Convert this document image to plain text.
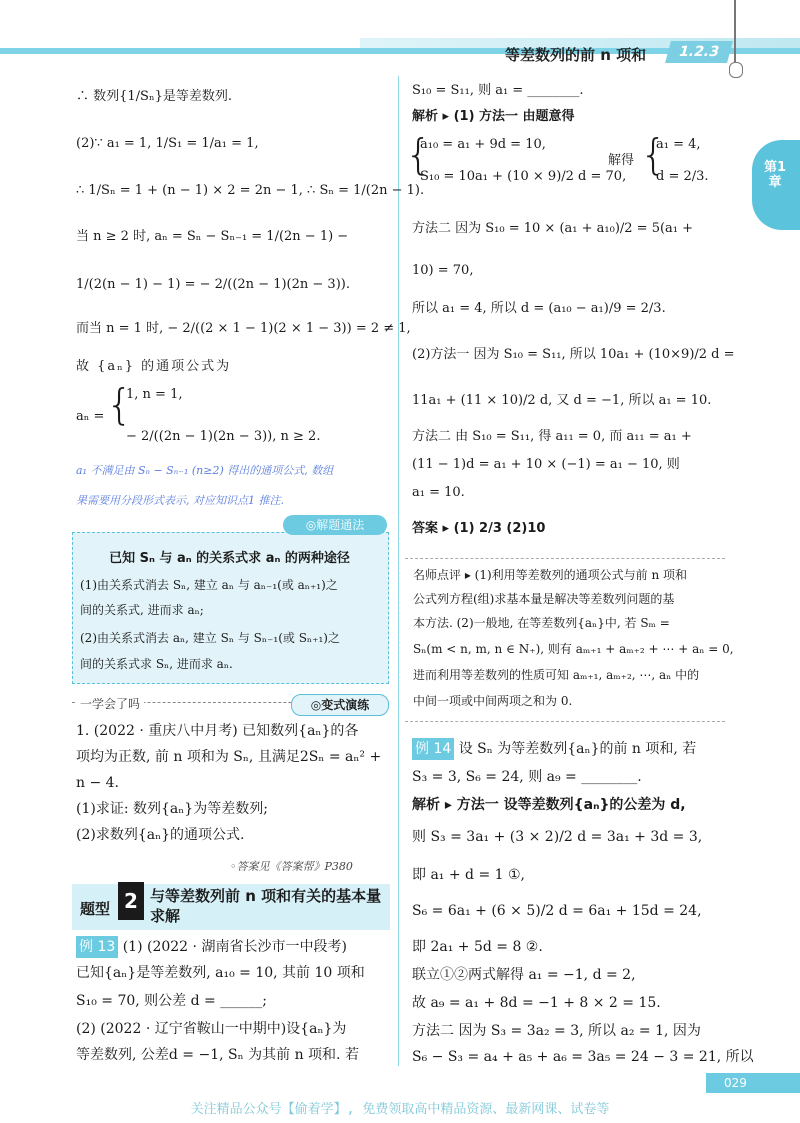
等差数列的前 n 项和	1.2.3
第1章
∴ 数列{1/Sₙ}是等差数列.
(2)∵ a₁ = 1, 1/S₁ = 1/a₁ = 1,
∴ 1/Sₙ = 1 + (n − 1) × 2 = 2n − 1, ∴ Sₙ = 1/(2n − 1).
当 n ≥ 2 时, aₙ = Sₙ − Sₙ₋₁ = 1/(2n − 1) −
1/(2(n − 1) − 1) = − 2/((2n − 1)(2n − 3)).
而当 n = 1 时, − 2/((2 × 1 − 1)(2 × 1 − 3)) = 2 ≠ 1,
故 {aₙ} 的通项公式为
aₙ = {
1, n = 1,
− 2/((2n − 1)(2n − 3)), n ≥ 2.
a₁ 不满足由 Sₙ − Sₙ₋₁ (n≥2) 得出的通项公式, 数组
果需要用分段形式表示, 对应知识点1 推注.
◎解题通法
已知 Sₙ 与 aₙ 的关系式求 aₙ 的两种途径
(1)由关系式消去 Sₙ, 建立 aₙ 与 aₙ₋₁(或 aₙ₊₁)之
间的关系式, 进而求 aₙ;
(2)由关系式消去 aₙ, 建立 Sₙ 与 Sₙ₋₁(或 Sₙ₊₁)之
间的关系式求 Sₙ, 进而求 aₙ.
一学会了吗	◎变式演练
1. (2022 · 重庆八中月考) 已知数列{aₙ}的各
项均为正数, 前 n 项和为 Sₙ, 且满足2Sₙ = aₙ² +
n − 4.
(1)求证: 数列{aₙ}为等差数列;
(2)求数列{aₙ}的通项公式.
◦答案见《答案帮》P380
题型 2 与等差数列前 n 项和有关的基本量
求解
例 13 (1) (2022 · 湖南省长沙市一中段考)
已知{aₙ}是等差数列, a₁₀ = 10, 其前 10 项和
S₁₀ = 70, 则公差 d = ______;
(2) (2022 · 辽宁省鞍山一中期中)设{aₙ}为
等差数列, 公差d = −1, Sₙ 为其前 n 项和. 若
S₁₀ = S₁₁, 则 a₁ = ________.
解析 ▸ (1) 方法一 由题意得
{
a₁₀ = a₁ + 9d = 10,
S₁₀ = 10a₁ + (10 × 9)/2 d = 70,
解得 {
a₁ = 4,
d = 2/3.
方法二 因为 S₁₀ = 10 × (a₁ + a₁₀)/2 = 5(a₁ +
10) = 70,
所以 a₁ = 4, 所以 d = (a₁₀ − a₁)/9 = 2/3.
(2)方法一 因为 S₁₀ = S₁₁, 所以 10a₁ + (10×9)/2 d =
11a₁ + (11 × 10)/2 d, 又 d = −1, 所以 a₁ = 10.
方法二 由 S₁₀ = S₁₁, 得 a₁₁ = 0, 而 a₁₁ = a₁ +
(11 − 1)d = a₁ + 10 × (−1) = a₁ − 10, 则
a₁ = 10.
答案 ▸ (1) 2/3 (2)10
名师点评 ▸ (1)利用等差数列的通项公式与前 n 项和
公式列方程(组)求基本量是解决等差数列问题的基
本方法. (2)一般地, 在等差数列{aₙ}中, 若 Sₘ =
Sₙ(m < n, m, n ∈ N₊), 则有 aₘ₊₁ + aₘ₊₂ + ⋯ + aₙ = 0,
进而利用等差数列的性质可知 aₘ₊₁, aₘ₊₂, ⋯, aₙ 中的
中间一项或中间两项之和为 0.
例 14 设 Sₙ 为等差数列{aₙ}的前 n 项和, 若
S₃ = 3, S₆ = 24, 则 a₉ = ________.
解析 ▸ 方法一 设等差数列{aₙ}的公差为 d,
则 S₃ = 3a₁ + (3 × 2)/2 d = 3a₁ + 3d = 3,
即 a₁ + d = 1 ①,
S₆ = 6a₁ + (6 × 5)/2 d = 6a₁ + 15d = 24,
即 2a₁ + 5d = 8 ②.
联立①②两式解得 a₁ = −1, d = 2,
故 a₉ = a₁ + 8d = −1 + 8 × 2 = 15.
方法二 因为 S₃ = 3a₂ = 3, 所以 a₂ = 1, 因为
S₆ − S₃ = a₄ + a₅ + a₆ = 3a₅ = 24 − 3 = 21, 所以
029
关注精品公众号【偷着学】, 免费领取高中精品资源、最新网课、试卷等
